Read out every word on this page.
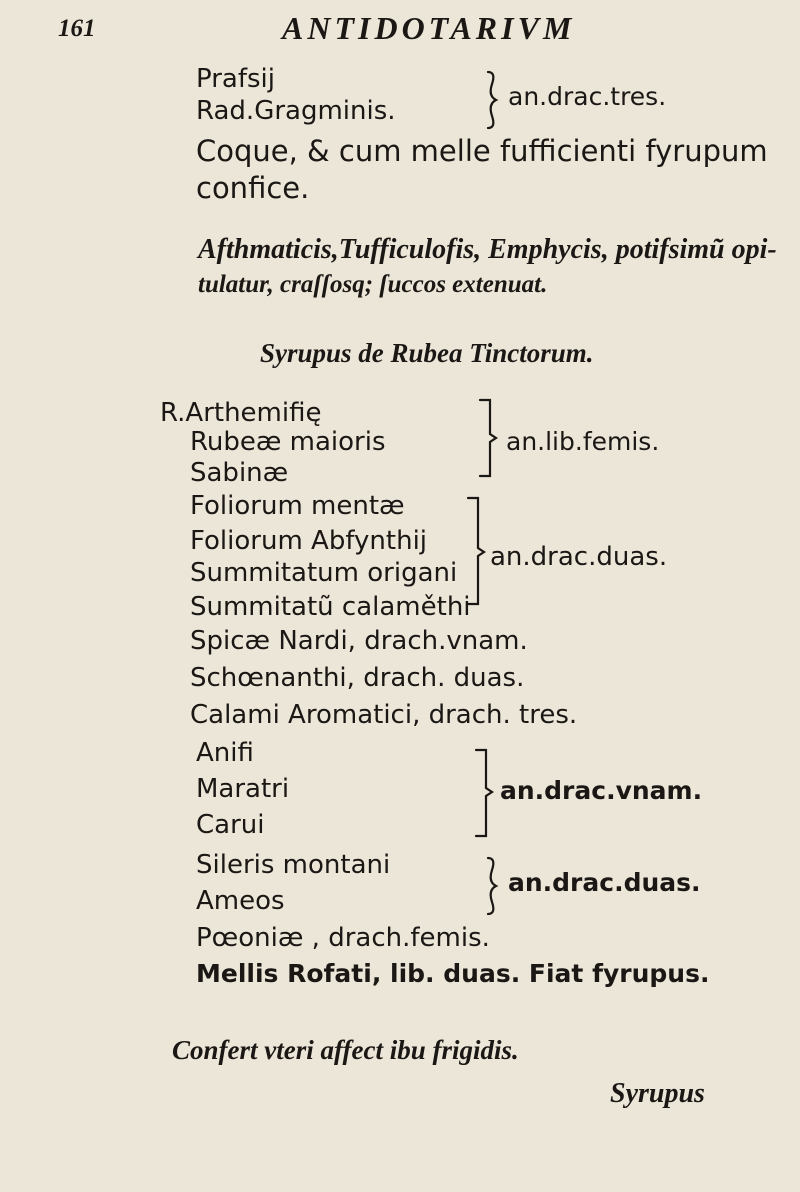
161	ANTIDOTARIVM
Prafsij
Rad.Gragminis.	an.drac.tres.
Coque, & cum melle fufficienti fyrupum
confice.
Afthmaticis,Tufficulofis, Emphycis, potifsimũ opi-
tulatur, craſſosq; ſuccos extenuat.
Syrupus de Rubea Tinctorum.
R.Arthemifię
Rubeæ maioris
Sabinæ
an.lib.femis.
Foliorum mentæ
Foliorum Abfynthij
Summitatum origani
Summitatũ calaměthi
an.drac.duas.
Spicæ Nardi, drach.vnam.
Schœnanthi, drach. duas.
Calami Aromatici, drach. tres.
Anifi
Maratri
Carui
an.drac.vnam.
Sileris montani
Ameos
an.drac.duas.
Pœoniæ , drach.femis.
Mellis Rofati, lib. duas. Fiat fyrupus.
Confert vteri affect ibu frigidis.
Syrupus
